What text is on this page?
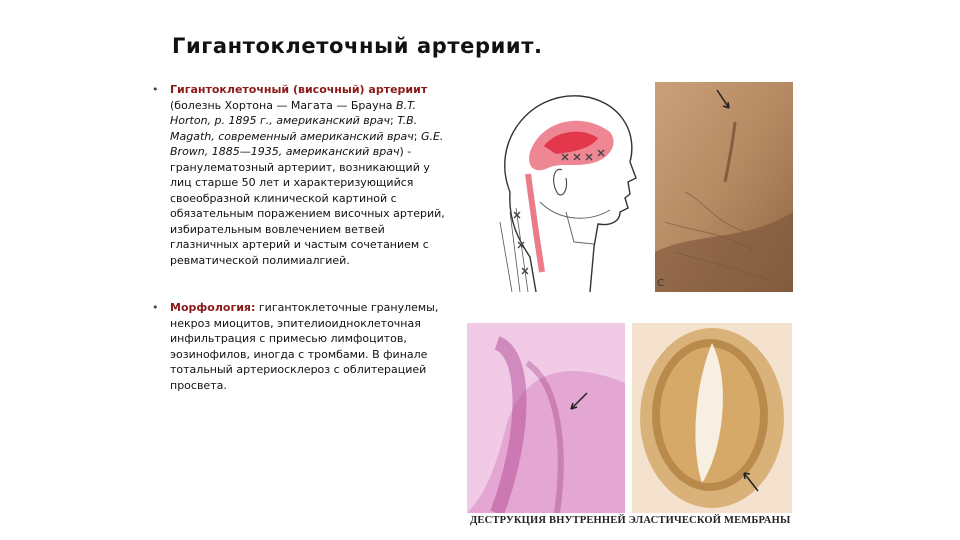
Гигантоклеточный артериит.
• Гигантоклеточный (височный) артериит
(болезнь Хортона — Магата — Брауна B.T. Horton, р. 1895 г., американский врач; T.B. Magath, современный американский врач; G.E. Brown, 1885—1935, американский врач) - гранулематозный артериит, возникающий у лиц старше 50 лет и характеризующийся своеобразной клинической картиной с обязательным поражением височных артерий, избирательным вовлечением ветвей глазничных артерий и частым сочетанием с ревматической полимиалгией.
• Морфология: гигантоклеточные гранулемы, некроз миоцитов, эпителиоидноклеточная инфильтрация с примесью лимфоцитов, эозинофилов, иногда с тромбами. В финале тотальный артериосклероз с облитерацией просвета.
C
ДЕСТРУКЦИЯ ВНУТРЕННЕЙ ЭЛАСТИЧЕСКОЙ МЕМБРАНЫ
